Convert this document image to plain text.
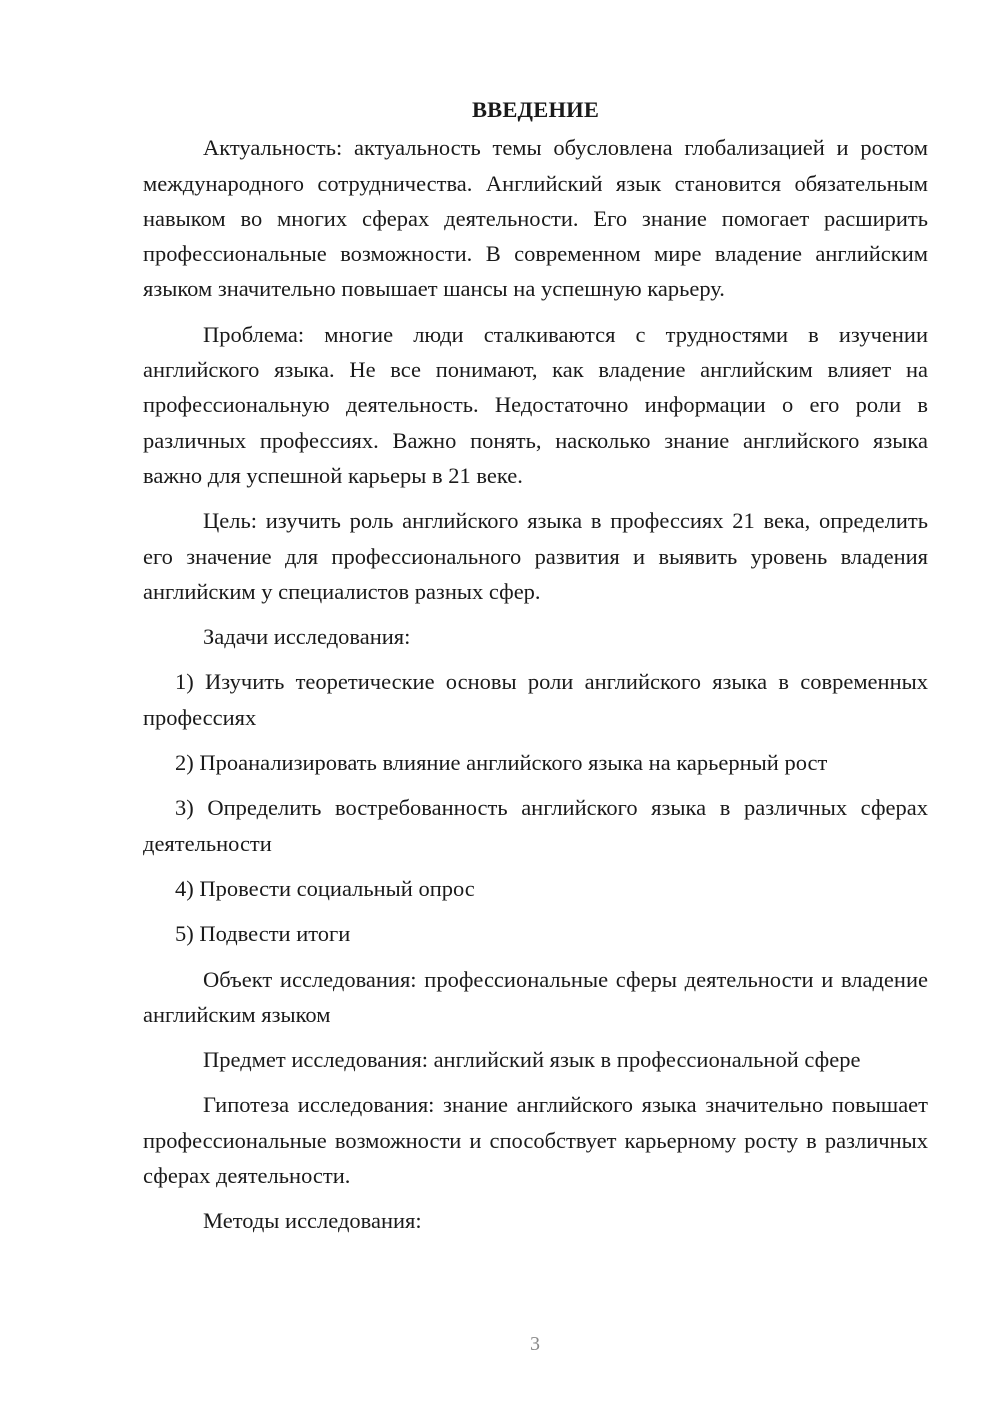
ВВЕДЕНИЕ

Актуальность: актуальность темы обусловлена глобализацией и ростом международного сотрудничества. Английский язык становится обязательным навыком во многих сферах деятельности. Его знание помогает расширить профессиональные возможности. В современном мире владение английским языком значительно повышает шансы на успешную карьеру.

Проблема: многие люди сталкиваются с трудностями в изучении английского языка. Не все понимают, как владение английским влияет на профессиональную деятельность. Недостаточно информации о его роли в различных профессиях. Важно понять, насколько знание английского языка важно для успешной карьеры в 21 веке.

Цель: изучить роль английского языка в профессиях 21 века, определить его значение для профессионального развития и выявить уровень владения английским у специалистов разных сфер.

Задачи исследования:

1) Изучить теоретические основы роли английского языка в современных профессиях

2) Проанализировать влияние английского языка на карьерный рост

3) Определить востребованность английского языка в различных сферах деятельности

4) Провести социальный опрос

5) Подвести итоги

Объект исследования: профессиональные сферы деятельности и владение английским языком

Предмет исследования: английский язык в профессиональной сфере

Гипотеза исследования: знание английского языка значительно повышает профессиональные возможности и способствует карьерному росту в различных сферах деятельности.

Методы исследования:

3
